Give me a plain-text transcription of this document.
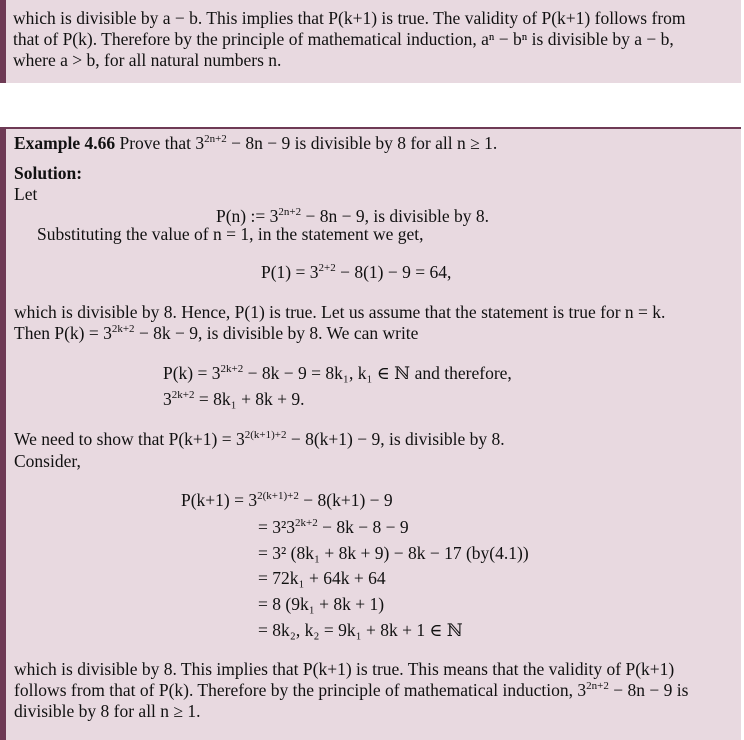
which is divisible by a − b. This implies that P(k+1) is true. The validity of P(k+1) follows from
that of P(k). Therefore by the principle of mathematical induction, aⁿ − bⁿ is divisible by a − b,
where a > b, for all natural numbers n.
Example 4.66 Prove that $3^{2n+2} - 8n - 9$ is divisible by 8 for all n ≥ 1.
Solution:
Let
P(n) := $3^{2n+2} - 8n - 9$, is divisible by 8.
Substituting the value of n = 1, in the statement we get,
$P(1) = 3^{2+2} - 8(1) - 9 = 64$,
which is divisible by 8. Hence, P(1) is true. Let us assume that the statement is true for n = k.
Then $P(k) = 3^{2k+2} - 8k - 9$, is divisible by 8. We can write
$P(k) = 3^{2k+2} - 8k - 9 = 8k_1$, k₁ ∈ ℕ and therefore,
$3^{2k+2} = 8k_1 + 8k + 9$.
We need to show that $P(k+1) = 3^{2(k+1)+2} - 8(k+1) - 9$, is divisible by 8.
Consider,
$P(k+1) = 3^{2(k+1)+2} - 8(k+1) - 9$
= $3^23^{2k+2} - 8k - 8 - 9$
= 3² (8k₁ + 8k + 9) − 8k − 17 (by(4.1))
= 72k₁ + 64k + 64
= 8 (9k₁ + 8k + 1)
= 8k₂, k₂ = 9k₁ + 8k + 1 ∈ ℕ
which is divisible by 8. This implies that P(k+1) is true. This means that the validity of P(k+1)
follows from that of P(k). Therefore by the principle of mathematical induction, $3^{2n+2} - 8n - 9$ is
divisible by 8 for all n ≥ 1.
